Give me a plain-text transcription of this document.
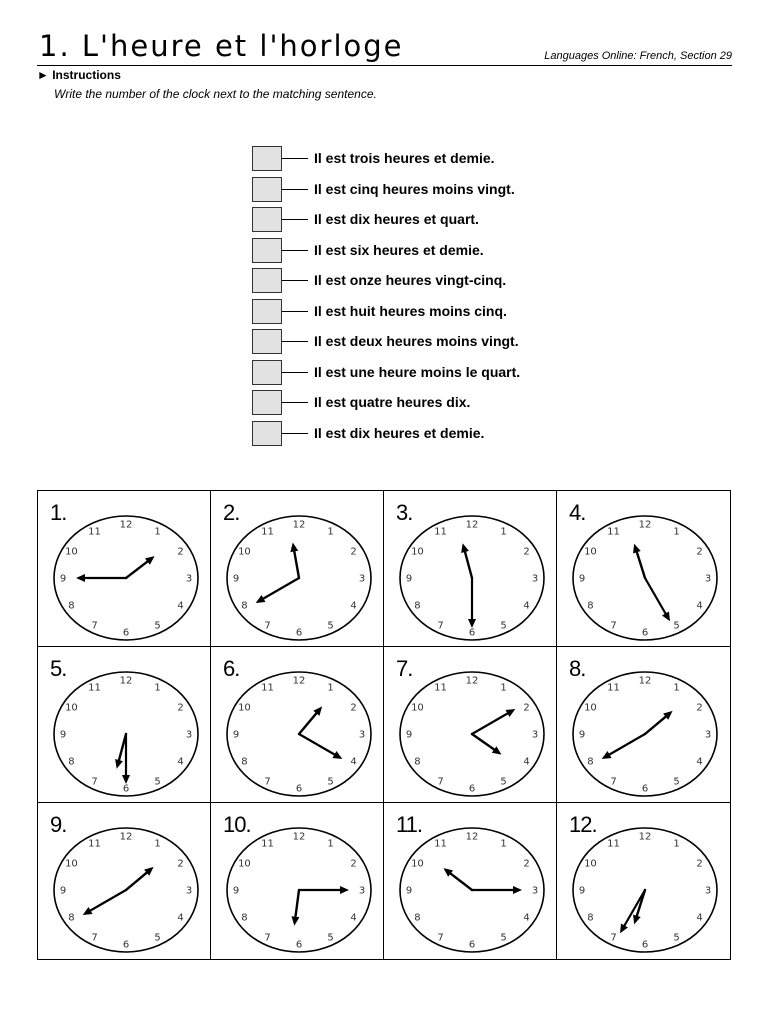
1. L'heure et l'horloge	Languages Online: French, Section 29
► Instructions
Write the number of the clock next to the matching sentence.
Il est trois heures et demie.
Il est cinq heures moins vingt.
Il est dix heures et quart.
Il est six heures et demie.
Il est onze heures vingt-cinq.
Il est huit heures moins cinq.
Il est deux heures moins vingt.
Il est une heure moins le quart.
Il est quatre heures dix.
Il est dix heures et demie.
1.	12
1
2
3
4
5
6
7
8
9
10
11
2.	12
1
2
3
4
5
6
7
8
9
10
11
3.	12
1
2
3
4
5
6
7
8
9
10
11
4.	12
1
2
3
4
5
6
7
8
9
10
11
5.	12
1
2
3
4
5
6
7
8
9
10
11
6.	12
1
2
3
4
5
6
7
8
9
10
11
7.	12
1
2
3
4
5
6
7
8
9
10
11
8.	12
1
2
3
4
5
6
7
8
9
10
11
9.	12
1
2
3
4
5
6
7
8
9
10
11
10.	12
1
2
3
4
5
6
7
8
9
10
11
11.	12
1
2
3
4
5
6
7
8
9
10
11
12.	12
1
2
3
4
5
6
7
8
9
10
11
